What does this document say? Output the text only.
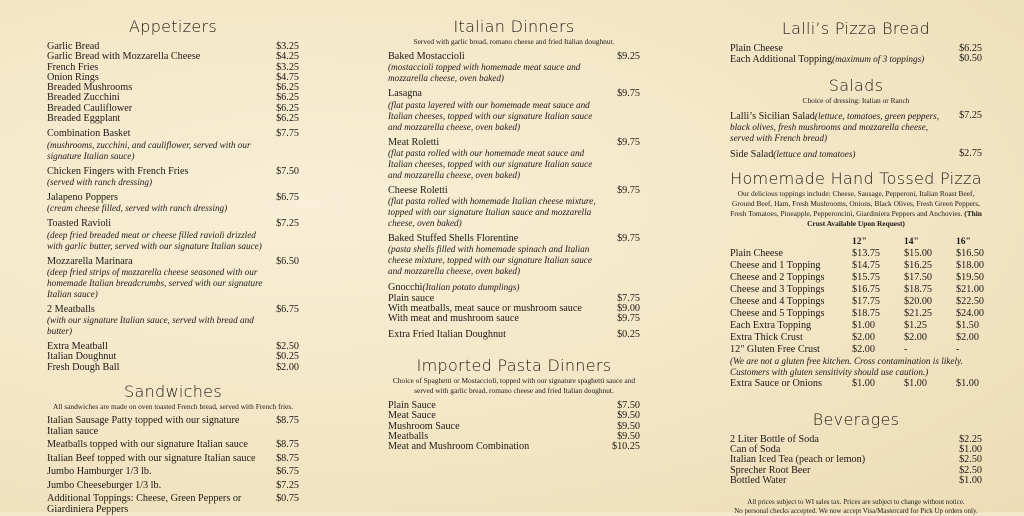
Appetizers
Garlic Bread	$3.25
Garlic Bread with Mozzarella Cheese	$4.25
French Fries	$3.25
Onion Rings	$4.75
Breaded Mushrooms	$6.25
Breaded Zucchini	$6.25
Breaded Cauliflower	$6.25
Breaded Eggplant	$6.25
Combination Basket	$7.75
(mushrooms, zucchini, and cauliflower, served with our signature Italian sauce)
Chicken Fingers with French Fries	$7.50
(served with ranch dressing)
Jalapeno Poppers	$6.75
(cream cheese filled, served with ranch dressing)
Toasted Ravioli	$7.25
(deep fried breaded meat or cheese filled ravioli drizzled with garlic butter, served with our signature Italian sauce)
Mozzarella Marinara	$6.50
(deep fried strips of mozzarella cheese seasoned with our homemade Italian breadcrumbs, served with our signature Italian sauce)
2 Meatballs	$6.75
(with our signature Italian sauce, served with bread and butter)
Extra Meatball	$2.50
Italian Doughnut	$0.25
Fresh Dough Ball	$2.00
Sandwiches
All sandwiches are made on oven toasted French bread, served with French fries.
Italian Sausage Patty topped with our signature Italian sauce
$8.75
Meatballs topped with our signature Italian sauce	$8.75
Italian Beef topped with our signature Italian sauce	$8.75
Jumbo Hamburger 1/3 lb.	$6.75
Jumbo Cheeseburger 1/3 lb.	$7.25
Additional Toppings: Cheese, Green Peppers or Giardiniera Peppers
$0.75
Italian Dinners
Served with garlic bread, romano cheese and fried Italian doughnut.
Baked Mostaccioli	$9.25
(mostaccioli topped with homemade meat sauce and mozzarella cheese, oven baked)
Lasagna	$9.75
(flat pasta layered with our homemade meat sauce and Italian cheeses, topped with our signature Italian sauce and mozzarella cheese, oven baked)
Meat Roletti	$9.75
(flat pasta rolled with our homemade meat sauce and Italian cheeses, topped with our signature Italian sauce and mozzarella cheese, oven baked)
Cheese Roletti	$9.75
(flat pasta rolled with homemade Italian cheese mixture, topped with our signature Italian sauce and mozzarella cheese, oven baked)
Baked Stuffed Shells Florentine	$9.75
(pasta shells filled with homemade spinach and Italian cheese mixture, topped with our signature Italian sauce and mozzarella cheese, oven baked)
Gnocchi(Italian potato dumplings)
Plain sauce	$7.75
With meatballs, meat sauce or mushroom sauce	$9.00
With meat and mushroom sauce	$9.75
Extra Fried Italian Doughnut	$0.25
Imported Pasta Dinners
Choice of Spaghetti or Mostaccioli, topped with our signature spaghetti sauce and served with garlic bread, romano cheese and fried Italian doughnut.
Plain Sauce	$7.50
Meat Sauce	$9.50
Mushroom Sauce	$9.50
Meatballs	$9.50
Meat and Mushroom Combination	$10.25
Lalli’s Pizza Bread
Plain Cheese	$6.25
Each Additional Topping(maximum of 3 toppings)	$0.50
Salads
Choice of dressing: Italian or Ranch
Lalli’s Sicilian Salad(lettuce, tomatoes, green peppers, black olives, fresh mushrooms and mozzarella cheese, served with French bread)
$7.25
Side Salad(lettuce and tomatoes)	$2.75
Homemade Hand Tossed Pizza
Our delicious toppings include: Cheese, Sausage, Pepperoni, Italian Roast Beef, Ground Beef, Ham, Fresh Mushrooms, Onions, Black Olives, Fresh Green Peppers, Fresh Tomatoes, Pineapple, Pepperoncini, Giardiniera Peppers and Anchovies. (Thin Crust Available Upon Request)
12"	14"	16"
Plain Cheese	$13.75	$15.00	$16.50
Cheese and 1 Topping	$14.75	$16.25	$18.00
Cheese and 2 Toppings	$15.75	$17.50	$19.50
Cheese and 3 Toppings	$16.75	$18.75	$21.00
Cheese and 4 Toppings	$17.75	$20.00	$22.50
Cheese and 5 Toppings	$18.75	$21.25	$24.00
Each Extra Topping	$1.00	$1.25	$1.50
Extra Thick Crust	$2.00	$2.00	$2.00
12" Gluten Free Crust	$2.00	-	-
(We are not a gluten free kitchen. Cross contamination is likely. Customers with gluten sensitivity should use caution.)
Extra Sauce or Onions	$1.00	$1.00	$1.00
Beverages
2 Liter Bottle of Soda	$2.25
Can of Soda	$1.00
Italian Iced Tea (peach or lemon)	$2.50
Sprecher Root Beer	$2.50
Bottled Water	$1.00
All prices subject to WI sales tax. Prices are subject to change without notice.
No personal checks accepted. We now accept Visa/Mastercard for Pick Up orders only.
